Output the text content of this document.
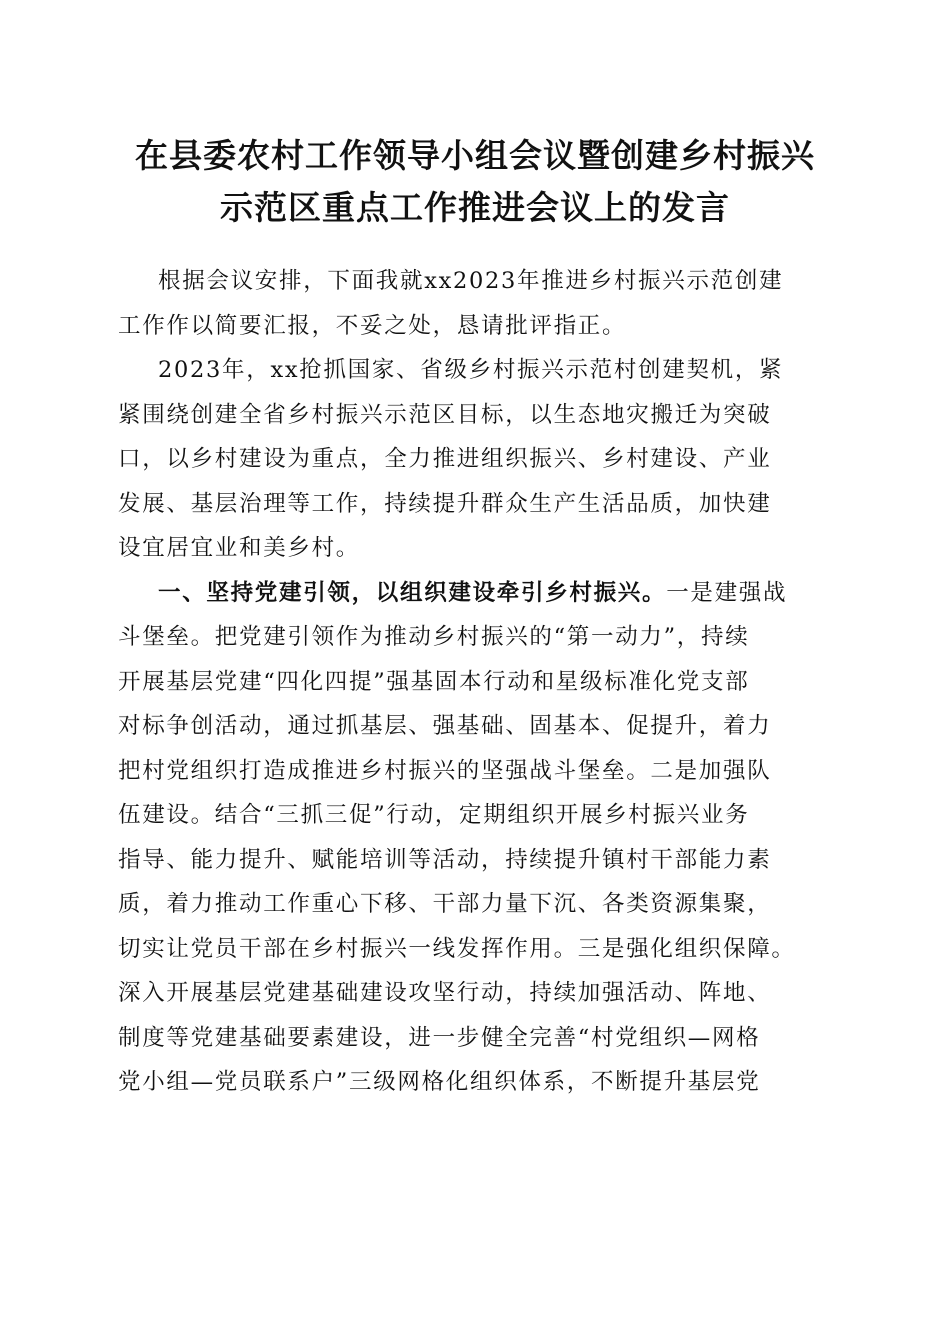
在县委农村工作领导小组会议暨创建乡村振兴
示范区重点工作推进会议上的发言
根据会议安排，下面我就xx2023年推进乡村振兴示范创建
工作作以简要汇报，不妥之处，恳请批评指正。
2023年，xx抢抓国家、省级乡村振兴示范村创建契机，紧
紧围绕创建全省乡村振兴示范区目标，以生态地灾搬迁为突破
口，以乡村建设为重点，全力推进组织振兴、乡村建设、产业
发展、基层治理等工作，持续提升群众生产生活品质，加快建
设宜居宜业和美乡村。
一、坚持党建引领，以组织建设牵引乡村振兴。一是建强战
斗堡垒。把党建引领作为推动乡村振兴的“第一动力”，持续
开展基层党建“四化四提”强基固本行动和星级标准化党支部
对标争创活动，通过抓基层、强基础、固基本、促提升，着力
把村党组织打造成推进乡村振兴的坚强战斗堡垒。二是加强队
伍建设。结合“三抓三促”行动，定期组织开展乡村振兴业务
指导、能力提升、赋能培训等活动，持续提升镇村干部能力素
质，着力推动工作重心下移、干部力量下沉、各类资源集聚，
切实让党员干部在乡村振兴一线发挥作用。三是强化组织保障。
深入开展基层党建基础建设攻坚行动，持续加强活动、阵地、
制度等党建基础要素建设，进一步健全完善“村党组织—网格
党小组—党员联系户”三级网格化组织体系，不断提升基层党
